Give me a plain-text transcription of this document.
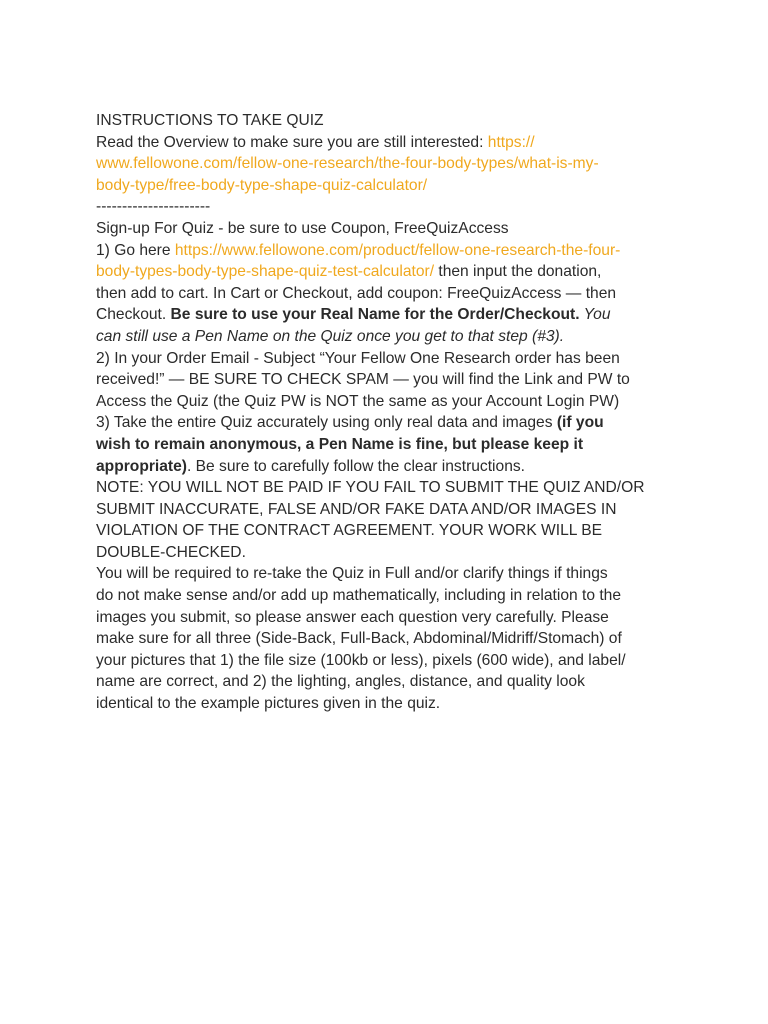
INSTRUCTIONS TO TAKE QUIZ

Read the Overview to make sure you are still interested: https://
www.fellowone.com/fellow-one-research/the-four-body-types/what-is-my-
body-type/free-body-type-shape-quiz-calculator/

----------------------

Sign-up For Quiz - be sure to use Coupon, FreeQuizAccess

1) Go here https://www.fellowone.com/product/fellow-one-research-the-four-
body-types-body-type-shape-quiz-test-calculator/ then input the donation,
then add to cart. In Cart or Checkout, add coupon: FreeQuizAccess — then
Checkout. Be sure to use your Real Name for the Order/Checkout. You
can still use a Pen Name on the Quiz once you get to that step (#3).

2) In your Order Email - Subject “Your Fellow One Research order has been
received!” — BE SURE TO CHECK SPAM — you will find the Link and PW to
Access the Quiz (the Quiz PW is NOT the same as your Account Login PW)

3) Take the entire Quiz accurately using only real data and images (if you
wish to remain anonymous, a Pen Name is fine, but please keep it
appropriate). Be sure to carefully follow the clear instructions.

NOTE: YOU WILL NOT BE PAID IF YOU FAIL TO SUBMIT THE QUIZ AND/OR
SUBMIT INACCURATE, FALSE AND/OR FAKE DATA AND/OR IMAGES IN
VIOLATION OF THE CONTRACT AGREEMENT. YOUR WORK WILL BE
DOUBLE-CHECKED.

You will be required to re-take the Quiz in Full and/or clarify things if things
do not make sense and/or add up mathematically, including in relation to the
images you submit, so please answer each question very carefully. Please
make sure for all three (Side-Back, Full-Back, Abdominal/Midriff/Stomach) of
your pictures that 1) the file size (100kb or less), pixels (600 wide), and label/
name are correct, and 2) the lighting, angles, distance, and quality look
identical to the example pictures given in the quiz.
